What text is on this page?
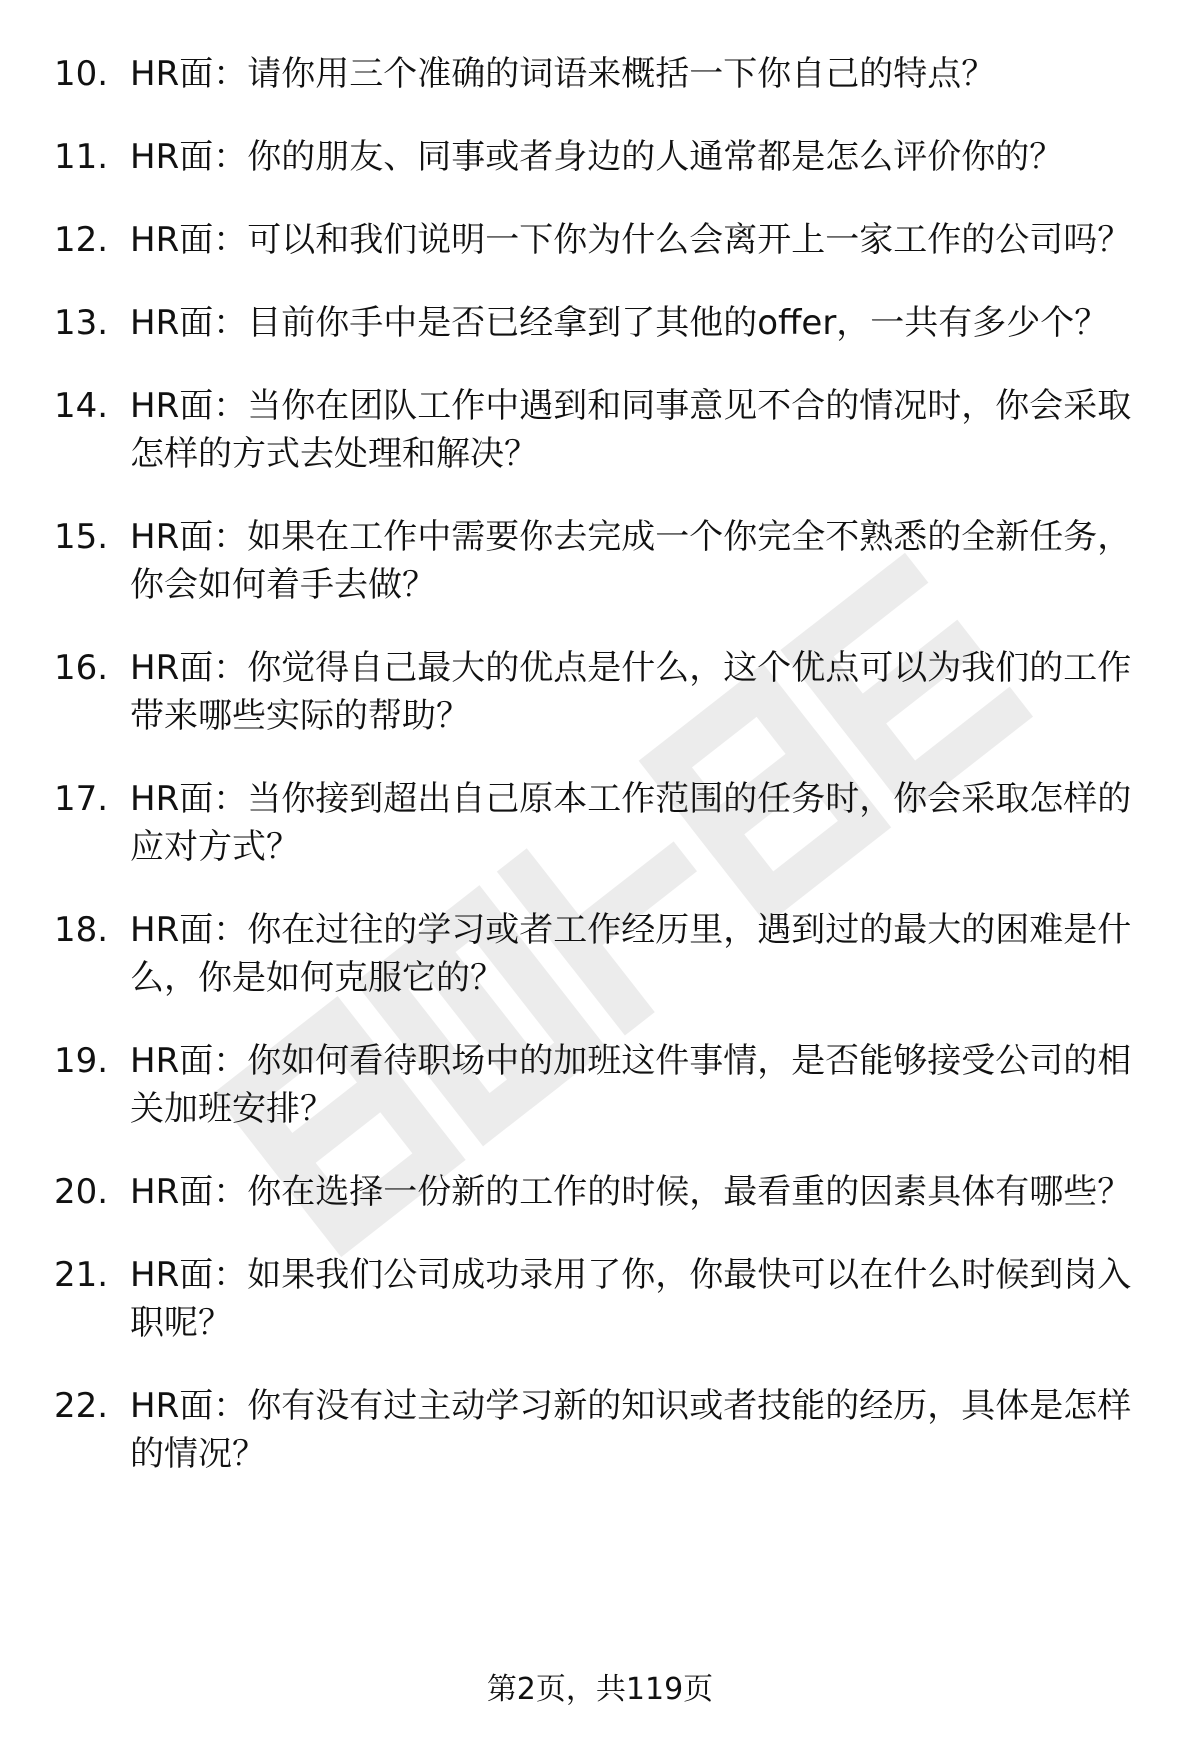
10. HR面：请你用三个准确的词语来概括一下你自己的特点？
11. HR面：你的朋友、同事或者身边的人通常都是怎么评价你的？
12. HR面：可以和我们说明一下你为什么会离开上一家工作的公司吗？
13. HR面：目前你手中是否已经拿到了其他的offer，一共有多少个？
14. HR面：当你在团队工作中遇到和同事意见不合的情况时，你会采取怎样的方式去处理和解决？
15. HR面：如果在工作中需要你去完成一个你完全不熟悉的全新任务，你会如何着手去做？
16. HR面：你觉得自己最大的优点是什么，这个优点可以为我们的工作带来哪些实际的帮助？
17. HR面：当你接到超出自己原本工作范围的任务时，你会采取怎样的应对方式？
18. HR面：你在过往的学习或者工作经历里，遇到过的最大的困难是什么，你是如何克服它的？
19. HR面：你如何看待职场中的加班这件事情，是否能够接受公司的相关加班安排？
20. HR面：你在选择一份新的工作的时候，最看重的因素具体有哪些？
21. HR面：如果我们公司成功录用了你，你最快可以在什么时候到岗入职呢？
22. HR面：你有没有过主动学习新的知识或者技能的经历，具体是怎样的情况？
第2页，共119页
